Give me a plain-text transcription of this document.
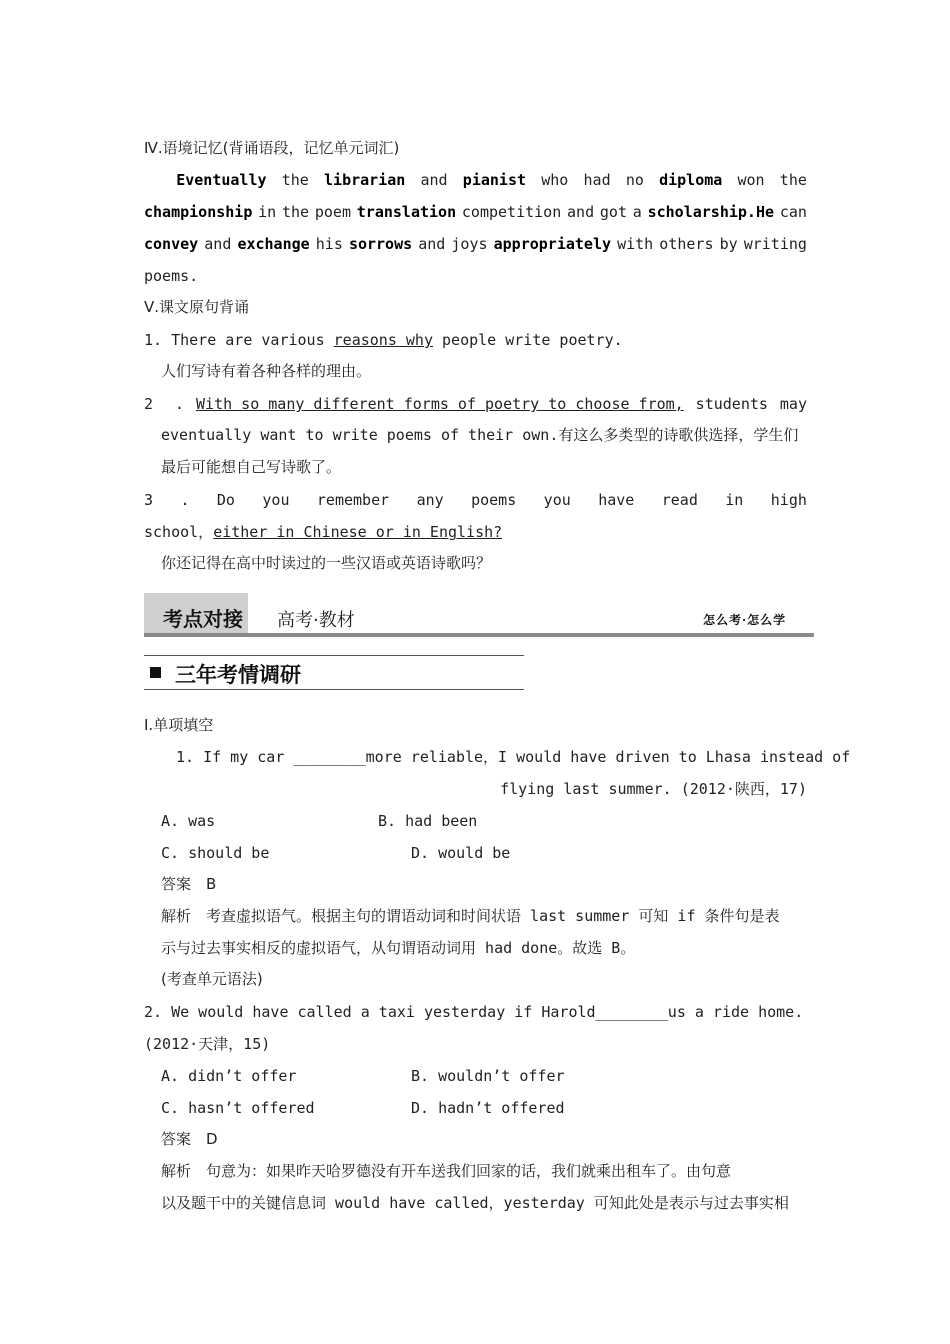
Ⅳ.语境记忆(背诵语段，记忆单元词汇)
Eventually the librarian and pianist who had no diploma won the
championship in the poem translation competition and got a scholarship.He can
convey and exchange his sorrows and joys appropriately with others by writing
poems.
Ⅴ.课文原句背诵
1. There are various reasons why people write poetry.
人们写诗有着各种各样的理由。
2 . With so many different forms of poetry to choose from, students may
eventually want to write poems of their own.有这么多类型的诗歌供选择，学生们
最后可能想自己写诗歌了。
3 . Do you remember any poems you have read in high
school，either in Chinese or in English?
你还记得在高中时读过的一些汉语或英语诗歌吗？
考点对接 高考·教材	怎么考·怎么学
三年考情调研
Ⅰ.单项填空
1. If my car ________more reliable，I would have driven to Lhasa instead of
flying last summer. (2012·陕西，17)
A. was	B. had been
C. should be	D. would be
答案　B
解析　考查虚拟语气。根据主句的谓语动词和时间状语 last summer 可知 if 条件句是表
示与过去事实相反的虚拟语气，从句谓语动词用 had done。故选 B。
(考查单元语法)
2. We would have called a taxi yesterday if Harold________us a ride home.
(2012·天津，15)
A. didn’t offer	B. wouldn’t offer
C. hasn’t offered	D. hadn’t offered
答案　D
解析　句意为：如果昨天哈罗德没有开车送我们回家的话，我们就乘出租车了。由句意
以及题干中的关键信息词 would have called，yesterday 可知此处是表示与过去事实相
